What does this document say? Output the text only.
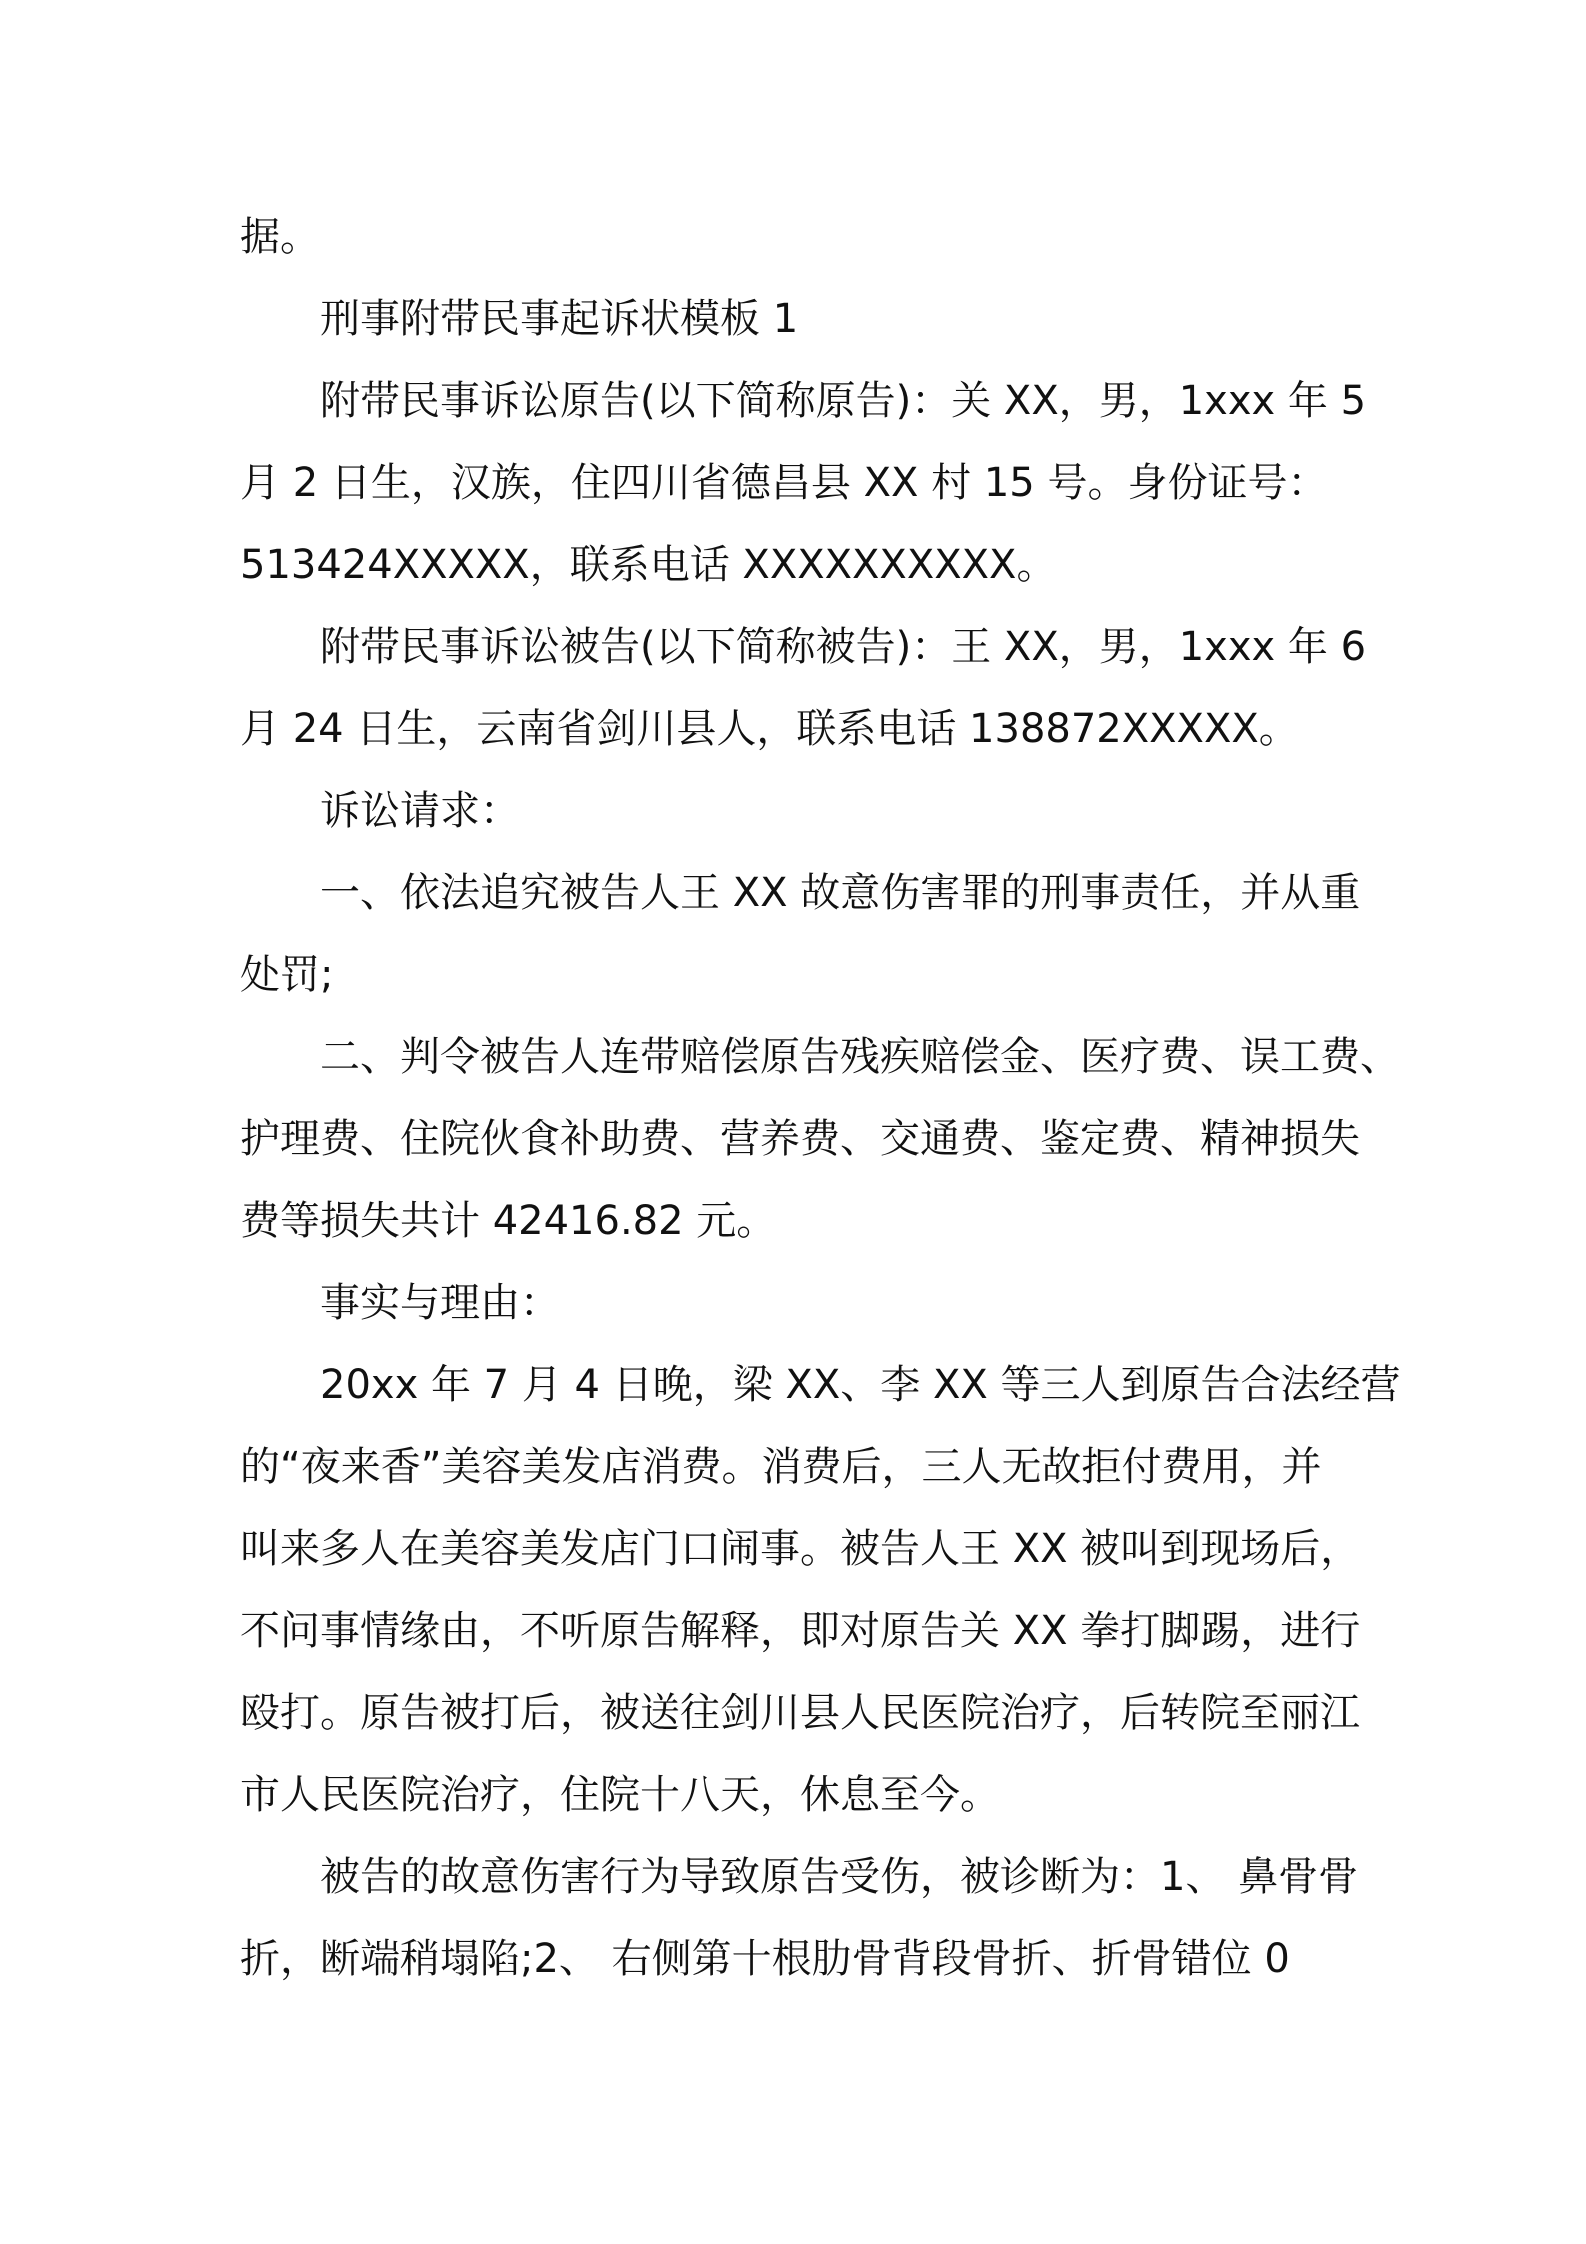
据。
刑事附带民事起诉状模板 1
附带民事诉讼原告(以下简称原告)：关 XX，男，1xxx 年 5
月 2 日生，汉族，住四川省德昌县 XX 村 15 号。身份证号：
513424XXXXX，联系电话 XXXXXXXXXX。
附带民事诉讼被告(以下简称被告)：王 XX，男，1xxx 年 6
月 24 日生，云南省剑川县人，联系电话 138872XXXXX。
诉讼请求：
一、依法追究被告人王 XX 故意伤害罪的刑事责任，并从重
处罚;
二、判令被告人连带赔偿原告残疾赔偿金、医疗费、误工费、
护理费、住院伙食补助费、营养费、交通费、鉴定费、精神损失
费等损失共计 42416.82 元。
事实与理由：
20xx 年 7 月 4 日晚，梁 XX、李 XX 等三人到原告合法经营
的“夜来香”美容美发店消费。消费后，三人无故拒付费用，并
叫来多人在美容美发店门口闹事。被告人王 XX 被叫到现场后，
不问事情缘由，不听原告解释，即对原告关 XX 拳打脚踢，进行
殴打。原告被打后，被送往剑川县人民医院治疗，后转院至丽江
市人民医院治疗，住院十八天，休息至今。
被告的故意伤害行为导致原告受伤，被诊断为：1、 鼻骨骨
折，断端稍塌陷;2、 右侧第十根肋骨背段骨折、折骨错位 0
